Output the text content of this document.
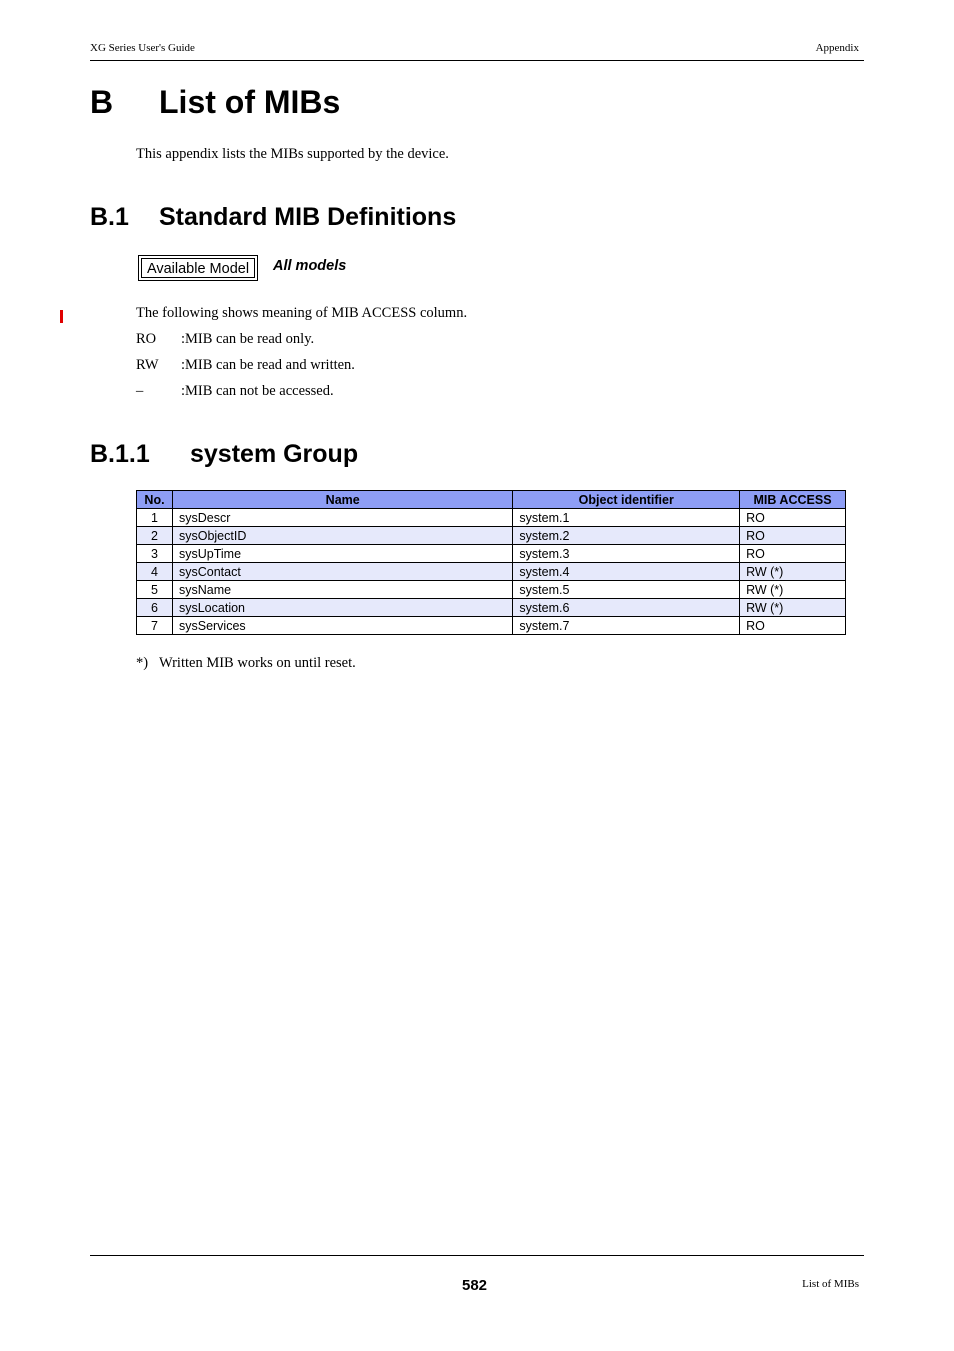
XG Series User's Guide	Appendix
B List of MIBs
This appendix lists the MIBs supported by the device.
B.1 Standard MIB Definitions
Available Model	All models
The following shows meaning of MIB ACCESS column.
RO :MIB can be read only.
RW :MIB can be read and written.
–	:MIB can not be accessed.
B.1.1 system Group
No.	Name	Object identifier	MIB ACCESS
1	sysDescr	system.1	RO
2	sysObjectID	system.2	RO
3	sysUpTime	system.3	RO
4	sysContact	system.4	RW (*)
5	sysName	system.5	RW (*)
6	sysLocation	system.6	RW (*)
7	sysServices	system.7	RO
*) Written MIB works on until reset.
582	List of MIBs
